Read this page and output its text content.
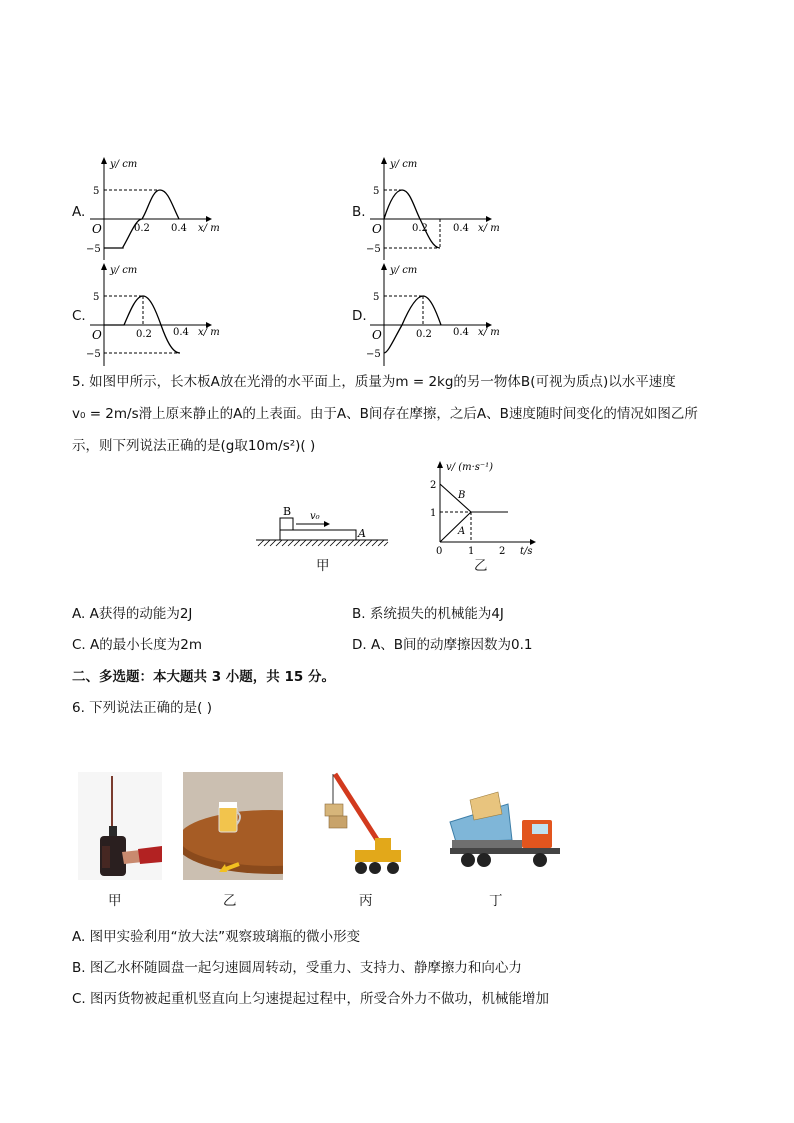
A.
y/ cm
x/ m
O
5
−5
0.2 0.4
B.
y/ cm
x/ m
O
5
−5
0.2	0.4
C.
y/ cm
x/ m
O
5
−5
0.2 0.4
D.
y/ cm
x/ m
O
5
−5
0.2 0.4
5. 如图甲所示，长木板A放在光滑的水平面上，质量为m = 2kg的另一物体B(可视为质点)以水平速度
v₀ = 2m/s滑上原来静止的A的上表面。由于A、B间存在摩擦，之后A、B速度随时间变化的情况如图乙所
示，则下列说法正确的是(g取10m/s²)( )
B v₀
A
甲
v/ (m·s⁻¹)
t/s
0
1
2
1 2
B
A
乙
A. A获得的动能为2J	B. 系统损失的机械能为4J
C. A的最小长度为2m	D. A、B间的动摩擦因数为0.1
二、多选题：本大题共 3 小题，共 15 分。
6. 下列说法正确的是( )
甲	乙	丙	丁
A. 图甲实验利用“放大法”观察玻璃瓶的微小形变
B. 图乙水杯随圆盘一起匀速圆周转动，受重力、支持力、静摩擦力和向心力
C. 图丙货物被起重机竖直向上匀速提起过程中，所受合外力不做功，机械能增加
